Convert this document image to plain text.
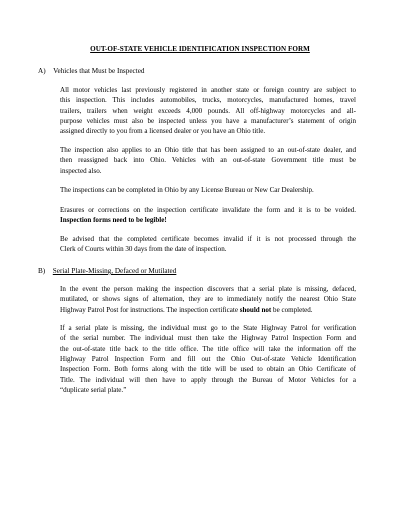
OUT-OF-STATE VEHICLE IDENTIFICATION INSPECTION FORM
A) Vehicles that Must be Inspected
All motor vehicles last previously registered in another state or foreign country are subject to
this inspection. This includes automobiles, trucks, motorcycles, manufactured homes, travel
trailers, trailers when weight exceeds 4,000 pounds. All off-highway motorcycles and all-
purpose vehicles must also be inspected unless you have a manufacturer’s statement of origin
assigned directly to you from a licensed dealer or you have an Ohio title.
The inspection also applies to an Ohio title that has been assigned to an out-of-state dealer, and
then reassigned back into Ohio. Vehicles with an out-of-state Government title must be
inspected also.
The inspections can be completed in Ohio by any License Bureau or New Car Dealership.
Erasures or corrections on the inspection certificate invalidate the form and it is to be voided.
Inspection forms need to be legible!
Be advised that the completed certificate becomes invalid if it is not processed through the
Clerk of Courts within 30 days from the date of inspection.
B) Serial Plate-Missing, Defaced or Mutilated
In the event the person making the inspection discovers that a serial plate is missing, defaced,
mutilated, or shows signs of alternation, they are to immediately notify the nearest Ohio State
Highway Patrol Post for instructions. The inspection certificate should not be completed.
If a serial plate is missing, the individual must go to the State Highway Patrol for verification
of the serial number. The individual must then take the Highway Patrol Inspection Form and
the out-of-state title back to the title office. The title office will take the information off the
Highway Patrol Inspection Form and fill out the Ohio Out-of-state Vehicle Identification
Inspection Form. Both forms along with the title will be used to obtain an Ohio Certificate of
Title. The individual will then have to apply through the Bureau of Motor Vehicles for a
“duplicate serial plate.”
